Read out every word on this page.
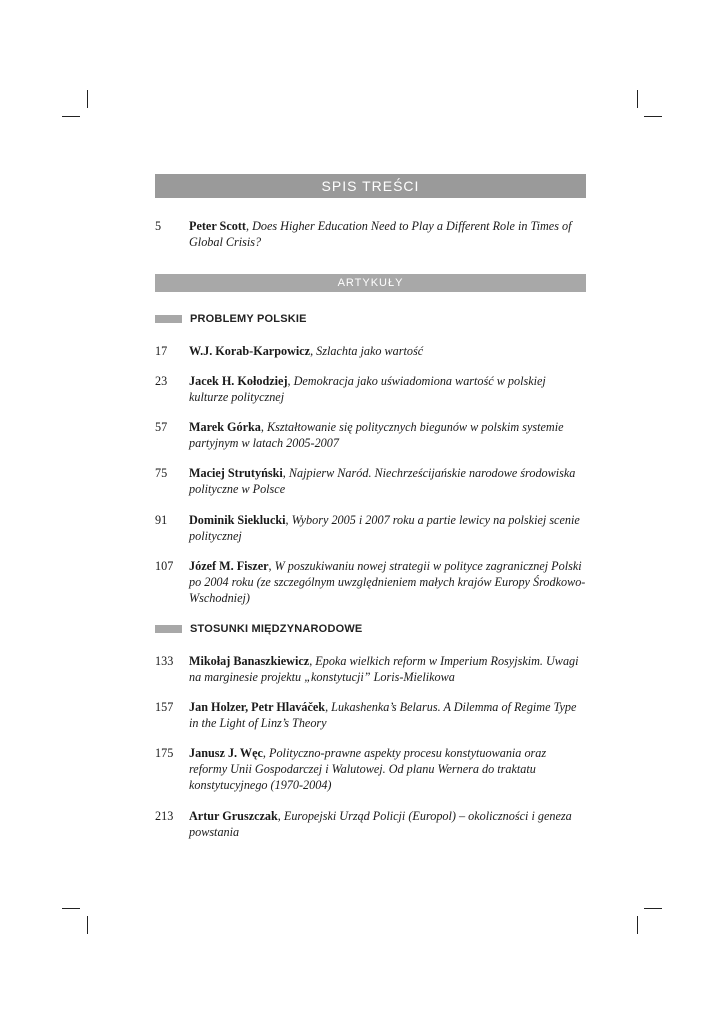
SPIS TREŚCI
5	Peter Scott, Does Higher Education Need to Play a Different Role in Times of Global Crisis?
ARTYKUŁY
PROBLEMY POLSKIE
17	W.J. Korab-Karpowicz, Szlachta jako wartość
23	Jacek H. Kołodziej, Demokracja jako uświadomiona wartość w polskiej kulturze politycznej
57	Marek Górka, Kształtowanie się politycznych biegunów w polskim systemie partyjnym w latach 2005-2007
75	Maciej Strutyński, Najpierw Naród. Niechrześcijańskie narodowe środowiska polityczne w Polsce
91	Dominik Sieklucki, Wybory 2005 i 2007 roku a partie lewicy na polskiej scenie politycznej
107	Józef M. Fiszer, W poszukiwaniu nowej strategii w polityce zagranicznej Polski po 2004 roku (ze szczególnym uwzględnieniem małych krajów Europy Środkowo-Wschodniej)
STOSUNKI MIĘDZYNARODOWE
133	Mikołaj Banaszkiewicz, Epoka wielkich reform w Imperium Rosyjskim. Uwagi na marginesie projektu „konstytucji” Loris-Mielikowa
157	Jan Holzer, Petr Hlaváček, Lukashenka’s Belarus. A Dilemma of Regime Type in the Light of Linz’s Theory
175	Janusz J. Węc, Polityczno-prawne aspekty procesu konstytuowania oraz reformy Unii Gospodarczej i Walutowej. Od planu Wernera do traktatu konstytucyjnego (1970-2004)
213	Artur Gruszczak, Europejski Urząd Policji (Europol) – okoliczności i geneza powstania
